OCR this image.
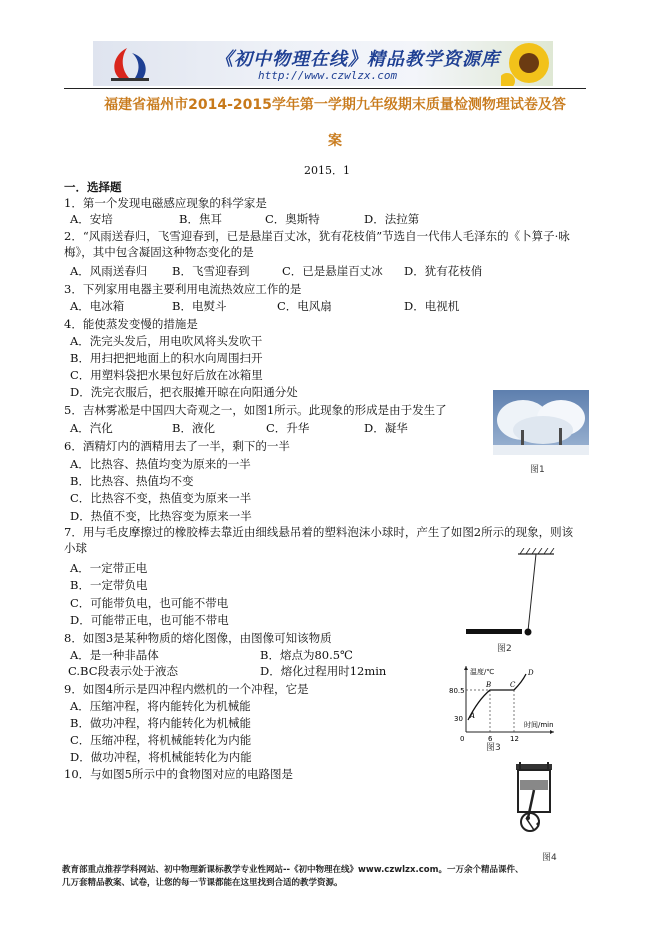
《初中物理在线》精品教学资源库
http://www.czwlzx.com
福建省福州市2014-2015学年第一学期九年级期末质量检测物理试卷及答
案
2015．1
一．选择题
1．第一个发现电磁感应现象的科学家是
A．安培	B．焦耳	C．奥斯特	D．法拉第
2．“风雨送春归，飞雪迎春到，已是悬崖百丈冰，犹有花枝俏”节选自一代伟人毛泽东的《卜算子·咏
梅》，其中包含凝固这种物态变化的是
A．风雨送春归 B．飞雪迎春到	C．已是悬崖百丈冰 D．犹有花枝俏
3．下列家用电器主要利用电流热效应工作的是
A．电冰箱	B．电熨斗	C．电风扇	D．电视机
4．能使蒸发变慢的措施是
A．洗完头发后，用电吹风将头发吹干
B．用扫把把地面上的积水向周围扫开
C．用塑料袋把水果包好后放在冰箱里
D．洗完衣服后，把衣服摊开晾在向阳通分处
5．吉林雾凇是中国四大奇观之一，如图1所示。此现象的形成是由于发生了
A．汽化	B．液化	C．升华	D．凝华
图1
6．酒精灯内的酒精用去了一半，剩下的一半
A．比热容、热值均变为原来的一半
B．比热容、热值均不变
C．比热容不变，热值变为原来一半
D．热值不变，比热容变为原来一半
7．用与毛皮摩擦过的橡胶棒去靠近由细线悬吊着的塑料泡沫小球时，产生了如图2所示的现象，则该
小球
A．一定带正电
B．一定带负电
C．可能带负电，也可能不带电
D．可能带正电，也可能不带电
图2
8．如图3是某种物质的熔化图像，由图像可知该物质
A．是一种非晶体	B．熔点为80.5℃
C.BC段表示处于液态	D．熔化过程用时12min	温度/℃
时间/min
80.5
30
0	6	12
A
B	C
D
图3
9．如图4所示是四冲程内燃机的一个冲程，它是
A．压缩冲程，将内能转化为机械能
B．做功冲程，将内能转化为机械能
C．压缩冲程，将机械能转化为内能
D．做功冲程，将机械能转化为内能
10．与如图5所示中的食物图对应的电路图是
图4
教育部重点推荐学科网站、初中物理新课标教学专业性网站--《初中物理在线》www.czwlzx.com。一万余个精品课件、
几万套精品教案、试卷，让您的每一节课都能在这里找到合适的教学资源。
